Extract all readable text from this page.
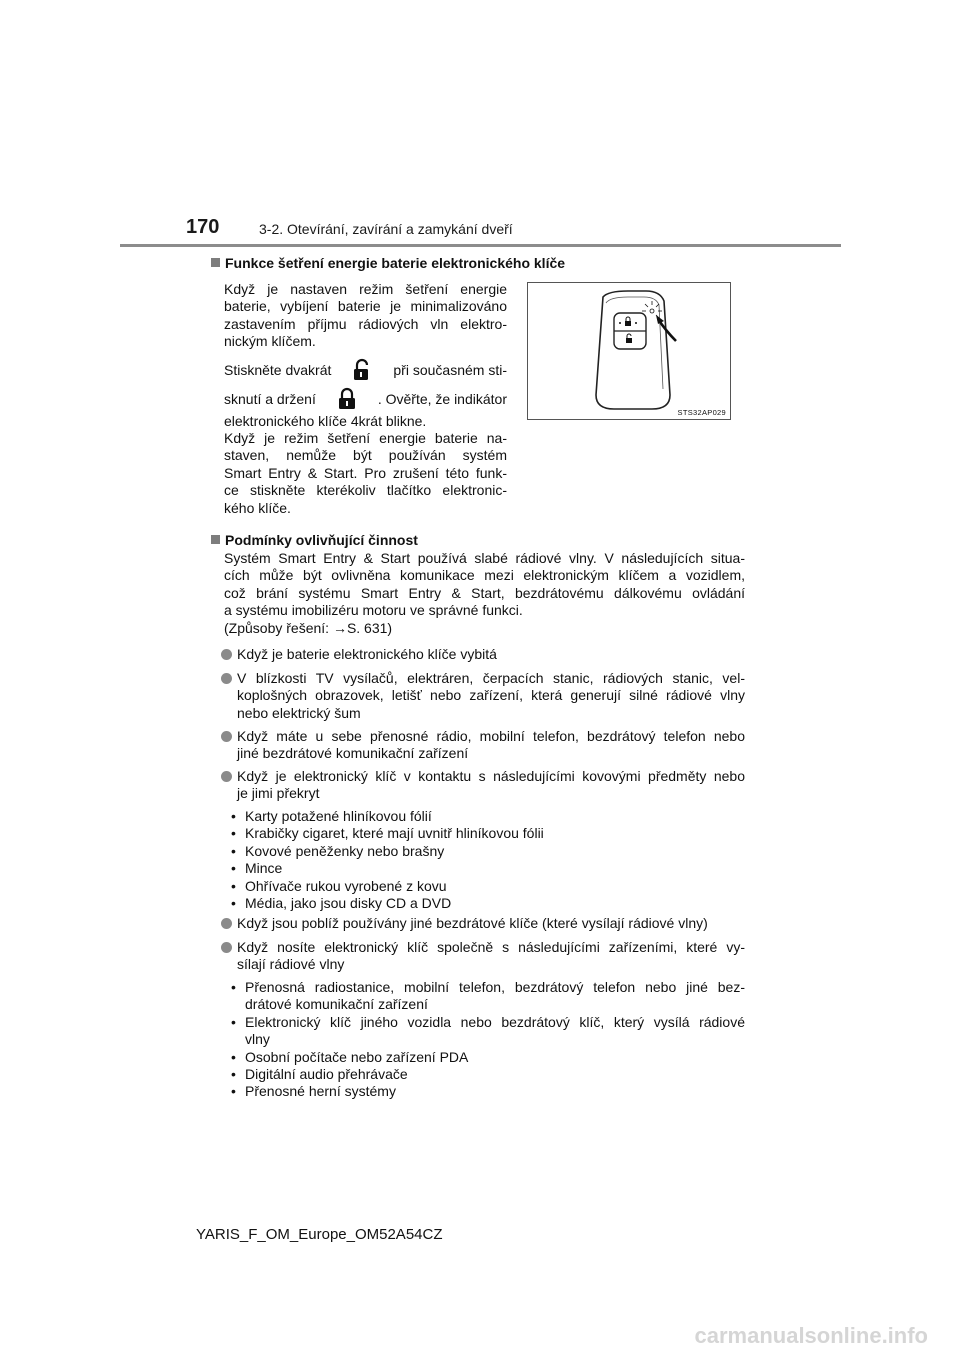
170	3-2. Otevírání, zavírání a zamykání dveří
Funkce šetření energie baterie elektronického klíče
Když je nastaven režim šetření energie
baterie, vybíjení baterie je minimalizováno
zastavením příjmu rádiových vln elektro-
nickým klíčem.
Stiskněte dvakrát	při současném sti-
sknutí a držení	. Ověřte, že indikátor
elektronického klíče 4krát blikne.
Když je režim šetření energie baterie na-
staven, nemůže být používán systém
Smart Entry & Start. Pro zrušení této funk-
ce stiskněte kterékoliv tlačítko elektronic-
kého klíče.
STS32AP029
Podmínky ovlivňující činnost
Systém Smart Entry & Start používá slabé rádiové vlny. V následujících situa-
cích může být ovlivněna komunikace mezi elektronickým klíčem a vozidlem,
což brání systému Smart Entry & Start, bezdrátovému dálkovému ovládání
a systému imobilizéru motoru ve správné funkci.
(Způsoby řešení: →S. 631)
Když je baterie elektronického klíče vybitá
V blízkosti TV vysílačů, elektráren, čerpacích stanic, rádiových stanic, vel-
koplošných obrazovek, letišť nebo zařízení, která generují silné rádiové vlny
nebo elektrický šum
Když máte u sebe přenosné rádio, mobilní telefon, bezdrátový telefon nebo
jiné bezdrátové komunikační zařízení
Když je elektronický klíč v kontaktu s následujícími kovovými předměty nebo
je jimi překryt
• Karty potažené hliníkovou fólií
• Krabičky cigaret, které mají uvnitř hliníkovou fólii
• Kovové peněženky nebo brašny
• Mince
• Ohřívače rukou vyrobené z kovu
• Média, jako jsou disky CD a DVD
Když jsou poblíž používány jiné bezdrátové klíče (které vysílají rádiové vlny)
Když nosíte elektronický klíč společně s následujícími zařízeními, které vy-
sílají rádiové vlny
• Přenosná radiostanice, mobilní telefon, bezdrátový telefon nebo jiné bez-
drátové komunikační zařízení
• Elektronický klíč jiného vozidla nebo bezdrátový klíč, který vysílá rádiové
vlny
• Osobní počítače nebo zařízení PDA
• Digitální audio přehrávače
• Přenosné herní systémy
YARIS_F_OM_Europe_OM52A54CZ
carmanualsonline.info
